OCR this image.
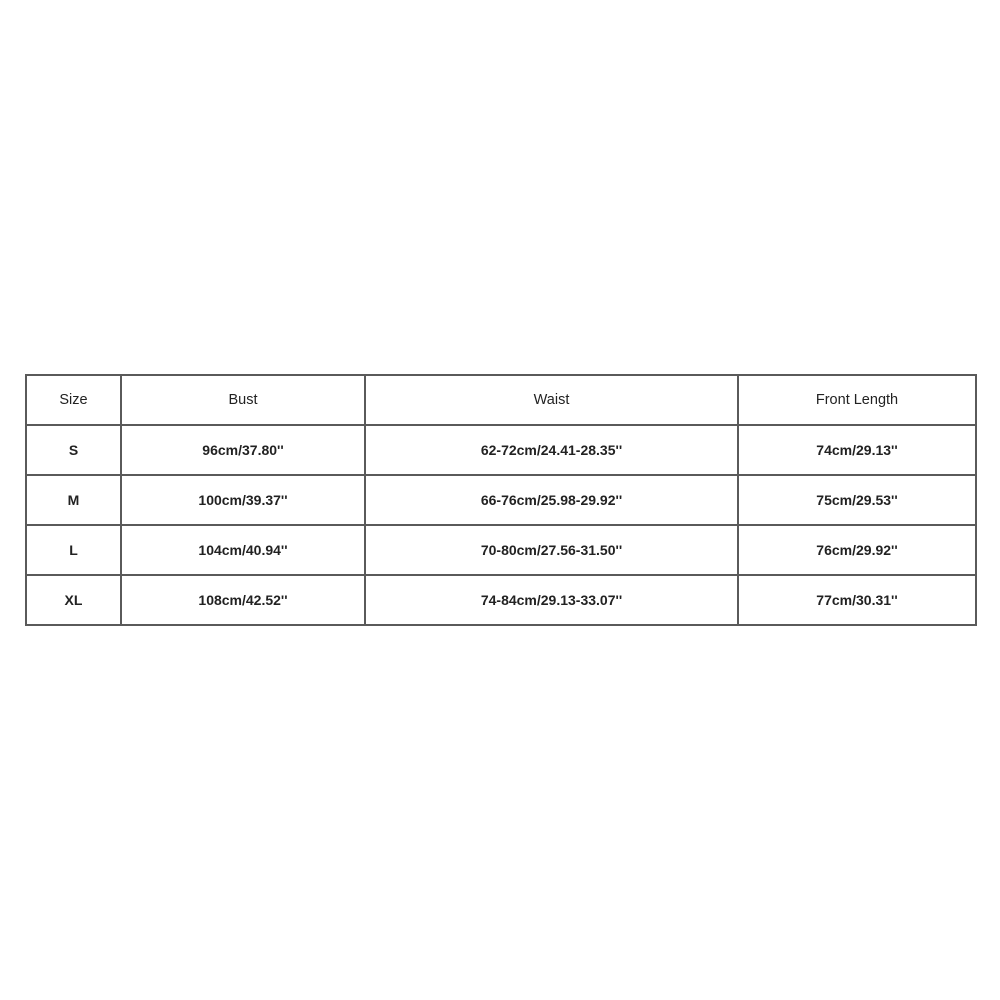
Size	Bust	Waist	Front Length
S	96cm/37.80''	62-72cm/24.41-28.35''	74cm/29.13''
M	100cm/39.37''	66-76cm/25.98-29.92''	75cm/29.53''
L	104cm/40.94''	70-80cm/27.56-31.50''	76cm/29.92''
XL	108cm/42.52''	74-84cm/29.13-33.07''	77cm/30.31''
